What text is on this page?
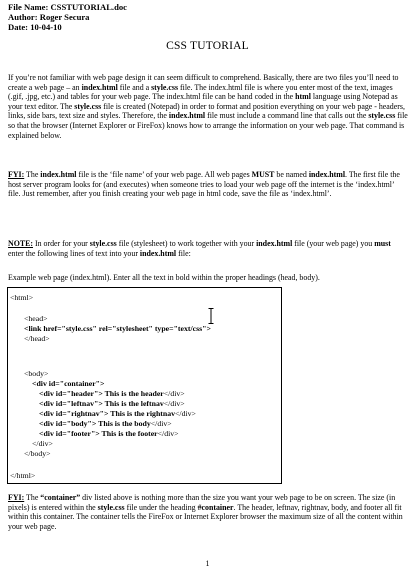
File Name: CSSTUTORIAL.doc
Author: Roger Secura
Date: 10-04-10
CSS TUTORIAL
If you’re not familiar with web page design it can seem difficult to comprehend. Basically, there are two files you’ll need to create a web page – an index.html file and a style.css file. The index.html file is where you enter most of the text, images (.gif, .jpg, etc.) and tables for your web page. The index.html file can be hand coded in the html language using Notepad as your text editor. The style.css file is created (Notepad) in order to format and position everything on your web page - headers, links, side bars, text size and styles. Therefore, the index.html file must include a command line that calls out the style.css file so that the browser (Internet Explorer or FireFox) knows how to arrange the information on your web page. That command is explained below.
FYI: The index.html file is the ‘file name’ of your web page. All web pages MUST be named index.html. The first file the host server program looks for (and executes) when someone tries to load your web page off the internet is the ‘index.html’ file. Just remember, after you finish creating your web page in html code, save the file as ‘index.html’.
NOTE: In order for your style.css file (stylesheet) to work together with your index.html file (your web page) you must enter the following lines of text into your index.html file:
Example web page (index.html). Enter all the text in bold within the proper headings (head, body).
<html>
<head>
<link href="style.css" rel="stylesheet" type="text/css">
</head>
<body>
<div id="container">
<div id="header"> This is the header</div>
<div id="leftnav"> This is the leftnav</div>
<div id="rightnav"> This is the rightnav</div>
<div id="body"> This is the body</div>
<div id="footer"> This is the footer</div>
</div>
</body>
</html>
FYI: The “container” div listed above is nothing more than the size you want your web page to be on screen. The size (in pixels) is entered within the style.css file under the heading #container. The header, leftnav, rightnav, body, and footer all fit within this container. The container tells the FireFox or Internet Explorer browser the maximum size of all the content within your web page.
1
